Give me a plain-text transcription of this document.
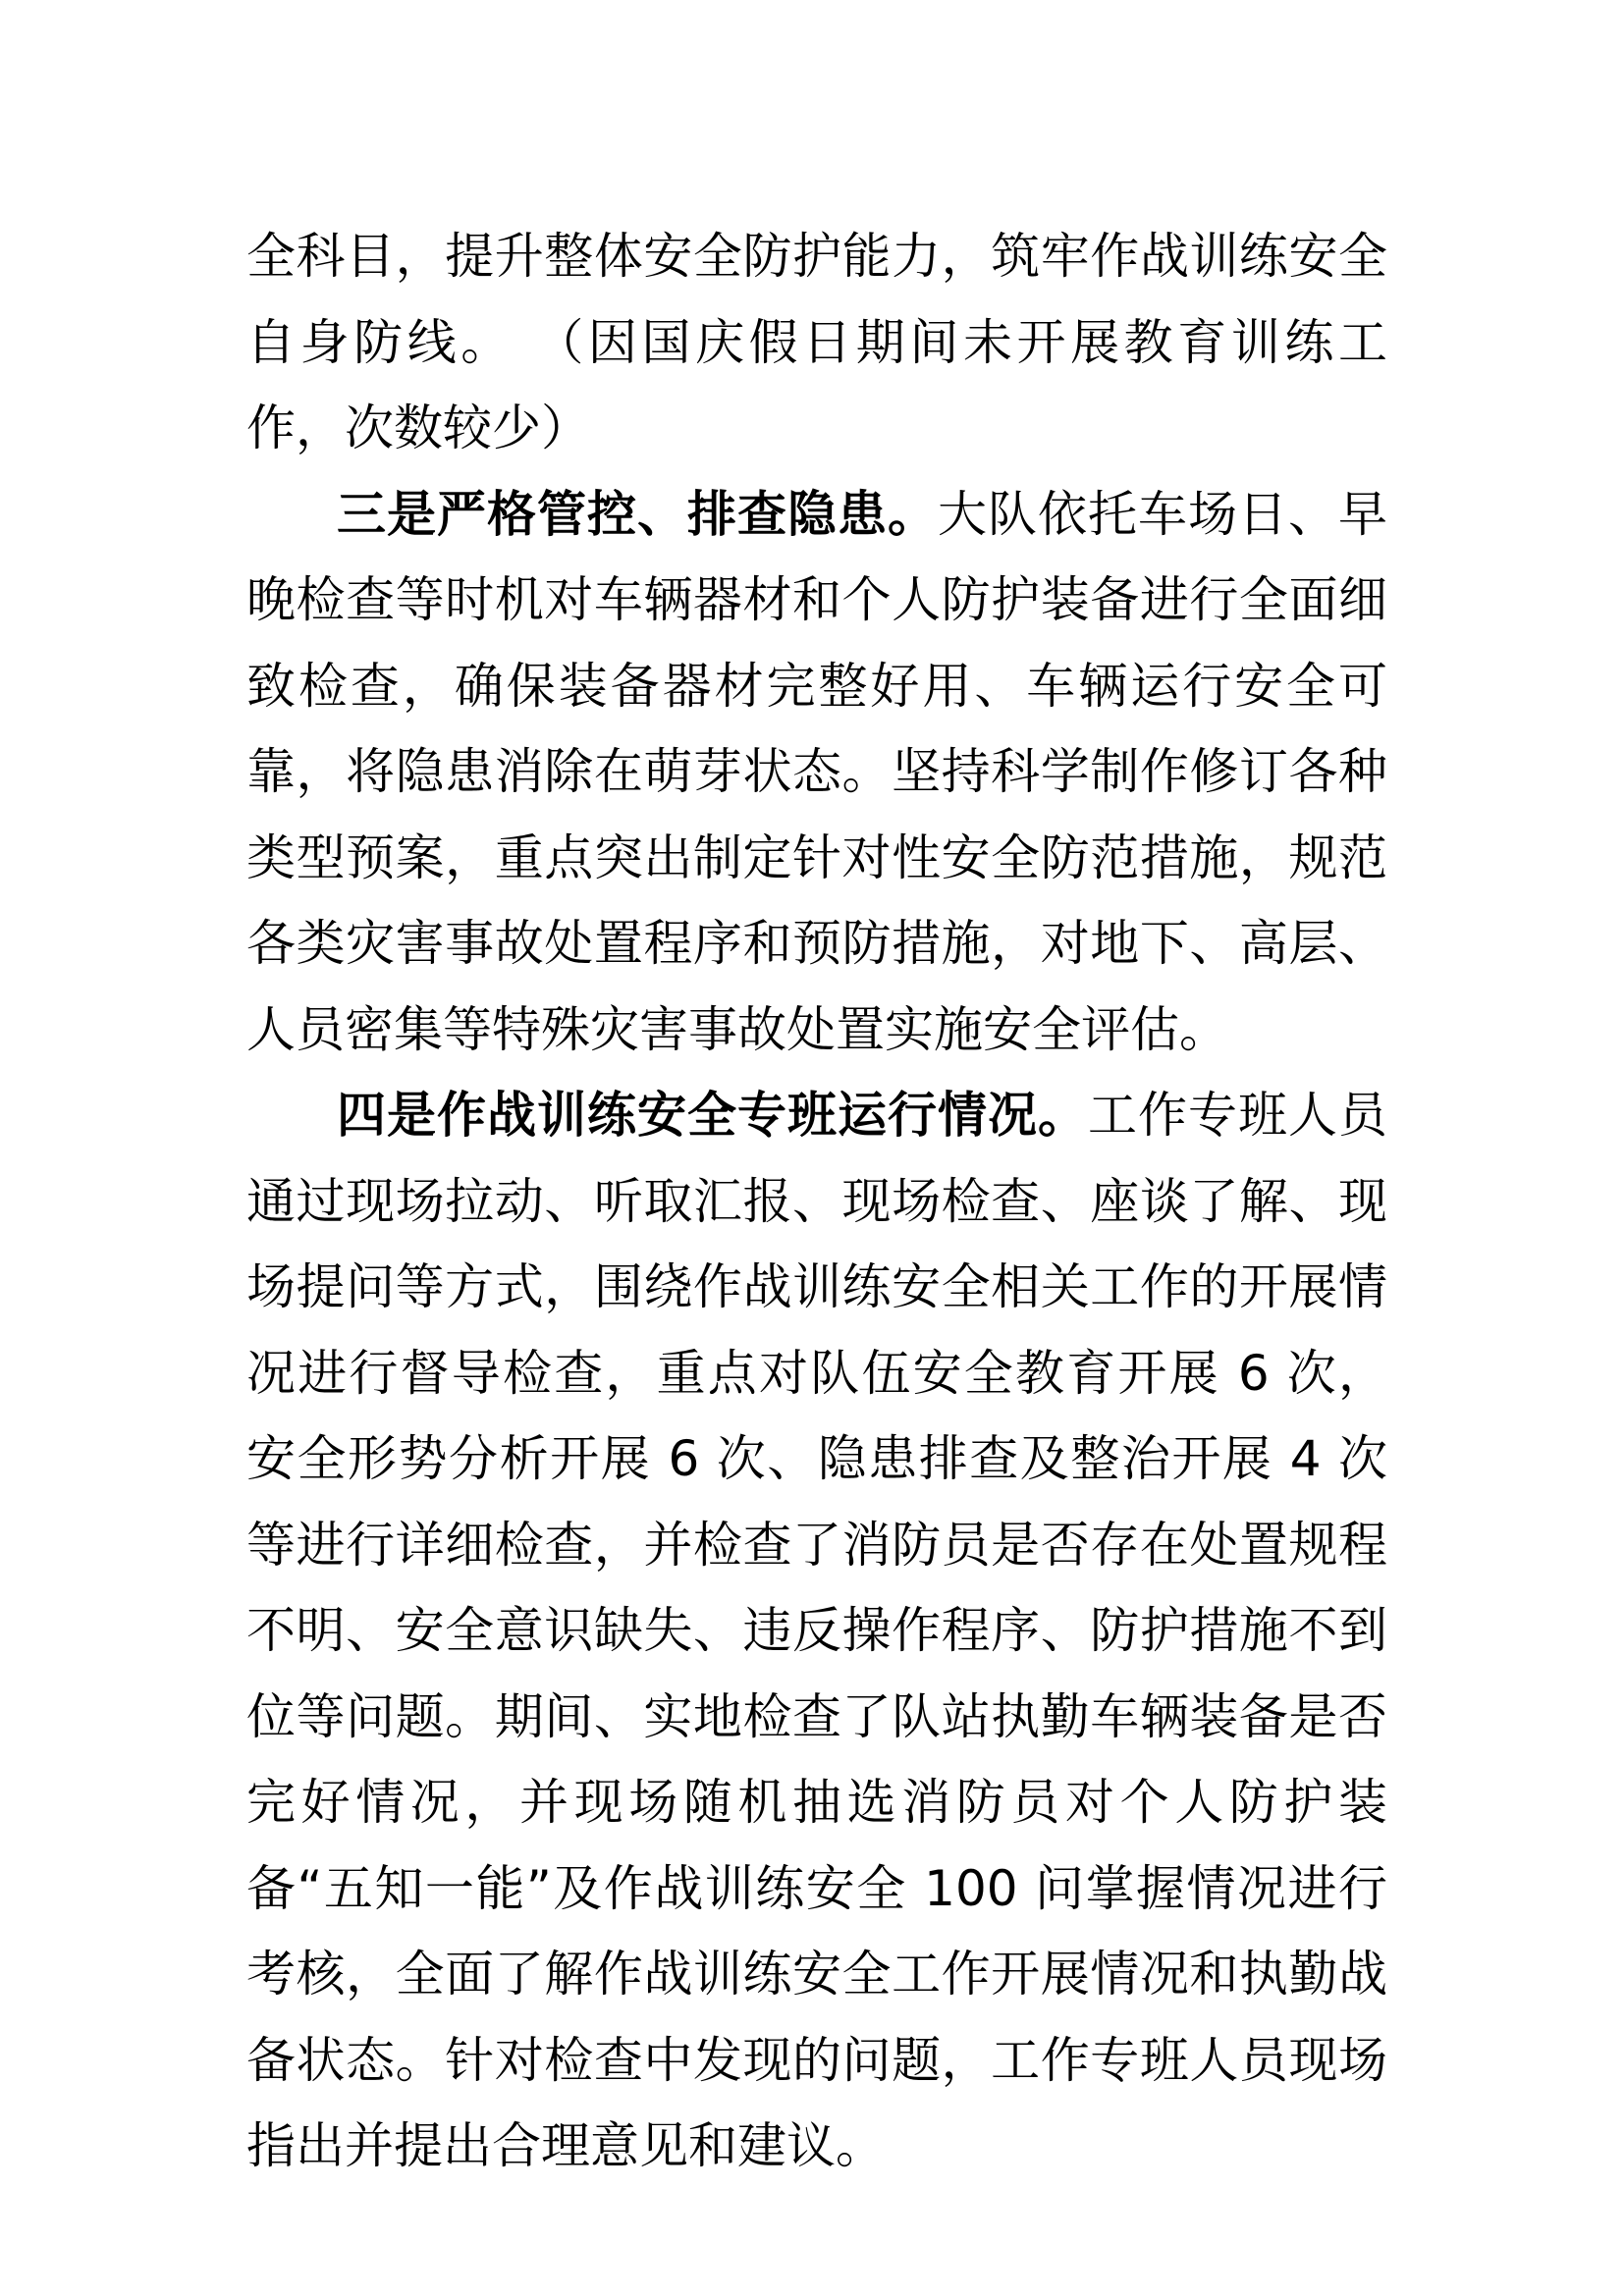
全科目，提升整体安全防护能力，筑牢作战训练安全自身防线。 （因国庆假日期间未开展教育训练工作，次数较少）

三是严格管控、排查隐患。大队依托车场日、早晚检查等时机对车辆器材和个人防护装备进行全面细致检查，确保装备器材完整好用、车辆运行安全可靠，将隐患消除在萌芽状态。坚持科学制作修订各种类型预案，重点突出制定针对性安全防范措施，规范各类灾害事故处置程序和预防措施，对地下、高层、人员密集等特殊灾害事故处置实施安全评估。

四是作战训练安全专班运行情况。工作专班人员通过现场拉动、听取汇报、现场检查、座谈了解、现场提问等方式，围绕作战训练安全相关工作的开展情况进行督导检查，重点对队伍安全教育开展 6 次，安全形势分析开展 6 次、隐患排查及整治开展 4 次等进行详细检查，并检查了消防员是否存在处置规程不明、安全意识缺失、违反操作程序、防护措施不到位等问题。期间、实地检查了队站执勤车辆装备是否完好情况，并现场随机抽选消防员对个人防护装备“五知一能”及作战训练安全 100 问掌握情况进行考核，全面了解作战训练安全工作开展情况和执勤战备状态。针对检查中发现的问题，工作专班人员现场指出并提出合理意见和建议。
